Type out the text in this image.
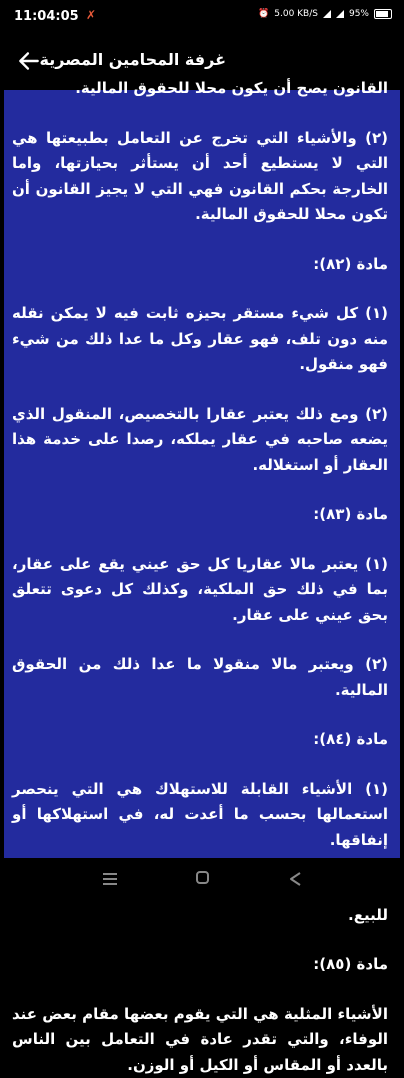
11:04:05 ✗	⏰ 5.00 KB/S	95%
غرفة المحامين المصرية

القانون يصح أن يكون محلا للحقوق المالية.

(٢) والأشياء التي تخرج عن التعامل بطبيعتها هي التي لا يستطيع أحد أن يستأثر بحيازتها، واما الخارجة بحكم القانون فهي التي لا يجيز القانون أن تكون محلا للحقوق المالية.

مادة (٨٢):

(١) كل شيء مستقر بحيزه ثابت فيه لا يمكن نقله منه دون تلف، فهو عقار وكل ما عدا ذلك من شيء فهو منقول.

(٢) ومع ذلك يعتبر عقارا بالتخصيص، المنقول الذي يضعه صاحبه في عقار يملكه، رصدا على خدمة هذا العقار أو استغلاله.

مادة (٨٣):

(١) يعتبر مالا عقاريا كل حق عيني يقع على عقار، بما في ذلك حق الملكية، وكذلك كل دعوى تتعلق بحق عيني على عقار.

(٢) ويعتبر مالا منقولا ما عدا ذلك من الحقوق المالية.

مادة (٨٤):

(١) الأشياء القابلة للاستهلاك هي التي ينحصر استعمالها بحسب ما أعدت له، في استهلاكها أو إنفاقها.

للبيع.

مادة (٨٥):

الأشياء المثلية هي التي يقوم بعضها مقام بعض عند الوفاء، والتي تقدر عادة في التعامل بين الناس بالعدد أو المقاس أو الكيل أو الوزن.
